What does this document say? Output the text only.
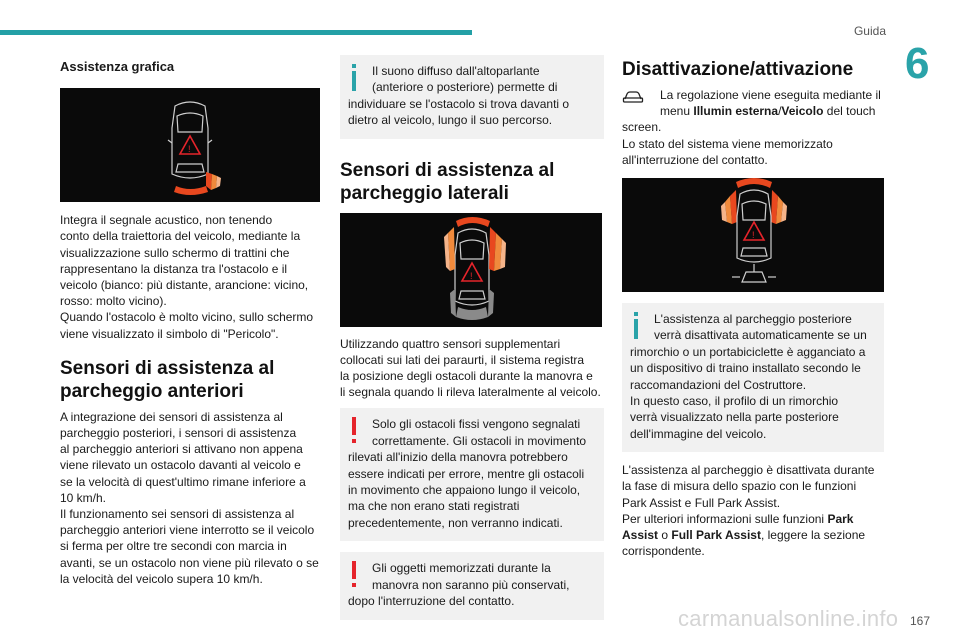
Guida
6

Assistenza grafica

!

Integra il segnale acustico, non tenendo

conto della traiettoria del veicolo, mediante la

visualizzazione sullo schermo di trattini che

rappresentano la distanza tra l'ostacolo e il

veicolo (bianco: più distante, arancione: vicino,

rosso: molto vicino).

Quando l'ostacolo è molto vicino, sullo schermo

viene visualizzato il simbolo di "Pericolo".

Sensori di assistenza al
parcheggio anteriori

A integrazione dei sensori di assistenza al

parcheggio posteriori, i sensori di assistenza

al parcheggio anteriori si attivano non appena

viene rilevato un ostacolo davanti al veicolo e

se la velocità di quest'ultimo rimane inferiore a

10 km/h.

Il funzionamento sei sensori di assistenza al

parcheggio anteriori viene interrotto se il veicolo

si ferma per oltre tre secondi con marcia in

avanti, se un ostacolo non viene più rilevato o se

la velocità del veicolo supera 10 km/h.

Il suono diffuso dall'altoparlante

(anteriore o posteriore) permette di

individuare se l'ostacolo si trova davanti o

dietro al veicolo, lungo il suo percorso.

Sensori di assistenza al
parcheggio laterali
!

Utilizzando quattro sensori supplementari

collocati sui lati dei paraurti, il sistema registra

la posizione degli ostacoli durante la manovra e

li segnala quando li rileva lateralmente al veicolo.

Solo gli ostacoli fissi vengono segnalati

correttamente. Gli ostacoli in movimento

rilevati all'inizio della manovra potrebbero

essere indicati per errore, mentre gli ostacoli

in movimento che appaiono lungo il veicolo,

ma che non erano stati registrati

precedentemente, non verranno indicati.

Gli oggetti memorizzati durante la

manovra non saranno più conservati,

dopo l'interruzione del contatto.

Disattivazione/attivazione

La regolazione viene eseguita mediante il

menu Illumin esterna/Veicolo del touch

screen.

Lo stato del sistema viene memorizzato

all'interruzione del contatto.

!

L'assistenza al parcheggio posteriore

verrà disattivata automaticamente se un

rimorchio o un portabiciclette è agganciato a

un dispositivo di traino installato secondo le

raccomandazioni del Costruttore.

In questo caso, il profilo di un rimorchio

verrà visualizzato nella parte posteriore

dell'immagine del veicolo.

L'assistenza al parcheggio è disattivata durante

la fase di misura dello spazio con le funzioni

Park Assist e Full Park Assist.

Per ulteriori informazioni sulle funzioni Park

Assist o Full Park Assist, leggere la sezione

corrispondente.

167
carmanualsonline.info
